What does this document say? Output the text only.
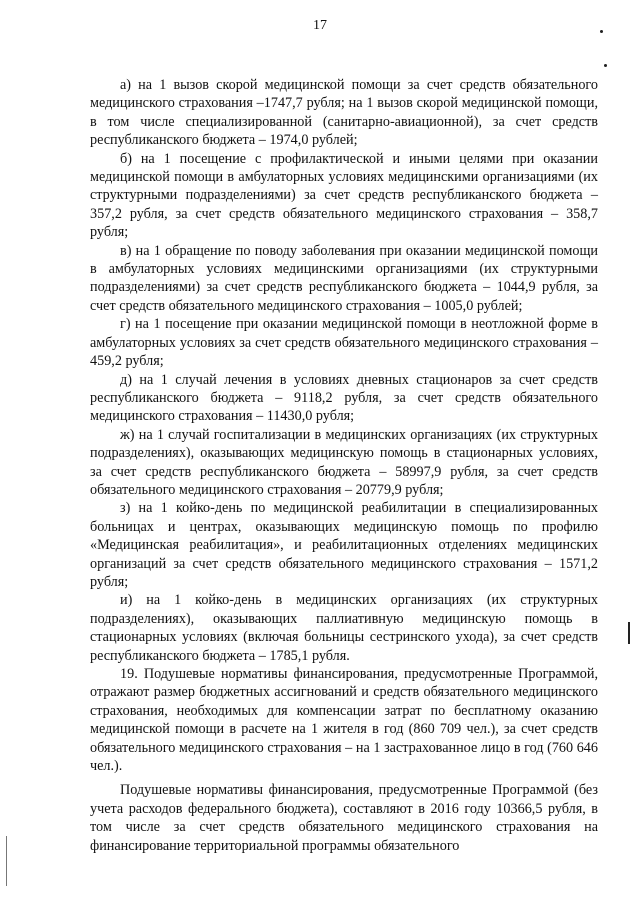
17

а) на 1 вызов скорой медицинской помощи за счет средств обязательного медицинского страхования –1747,7 рубля; на 1 вызов скорой медицинской помощи, в том числе специализированной (санитарно-авиационной), за счет средств республиканского бюджета – 1974,0 рублей;

б) на 1 посещение с профилактической и иными целями при оказании медицинской помощи в амбулаторных условиях медицинскими организациями (их структурными подразделениями) за счет средств республиканского бюджета – 357,2 рубля, за счет средств обязательного медицинского страхования – 358,7 рубля;

в) на 1 обращение по поводу заболевания при оказании медицинской помощи в амбулаторных условиях медицинскими организациями (их структурными подразделениями) за счет средств республиканского бюджета – 1044,9 рубля, за счет средств обязательного медицинского страхования – 1005,0 рублей;

г) на 1 посещение при оказании медицинской помощи в неотложной форме в амбулаторных условиях за счет средств обязательного медицинского страхования – 459,2 рубля;

д) на 1 случай лечения в условиях дневных стационаров за счет средств республиканского бюджета – 9118,2 рубля, за счет средств обязательного медицинского страхования – 11430,0 рубля;

ж) на 1 случай госпитализации в медицинских организациях (их структурных подразделениях), оказывающих медицинскую помощь в стационарных условиях, за счет средств республиканского бюджета – 58997,9 рубля, за счет средств обязательного медицинского страхования – 20779,9 рубля;

з) на 1 койко-день по медицинской реабилитации в специализированных больницах и центрах, оказывающих медицинскую помощь по профилю «Медицинская реабилитация», и реабилитационных отделениях медицинских организаций за счет средств обязательного медицинского страхования – 1571,2 рубля;

и) на 1 койко-день в медицинских организациях (их структурных подразделениях), оказывающих паллиативную медицинскую помощь в стационарных условиях (включая больницы сестринского ухода), за счет средств республиканского бюджета – 1785,1 рубля.

19. Подушевые нормативы финансирования, предусмотренные Программой, отражают размер бюджетных ассигнований и средств обязательного медицинского страхования, необходимых для компенсации затрат по бесплатному оказанию медицинской помощи в расчете на 1 жителя в год (860 709 чел.), за счет средств обязательного медицинского страхования – на 1 застрахованное лицо в год (760 646 чел.).

Подушевые нормативы финансирования, предусмотренные Программой (без учета расходов федерального бюджета), составляют в 2016 году 10366,5 рубля, в том числе за счет средств обязательного медицинского страхования на финансирование территориальной программы обязательного
